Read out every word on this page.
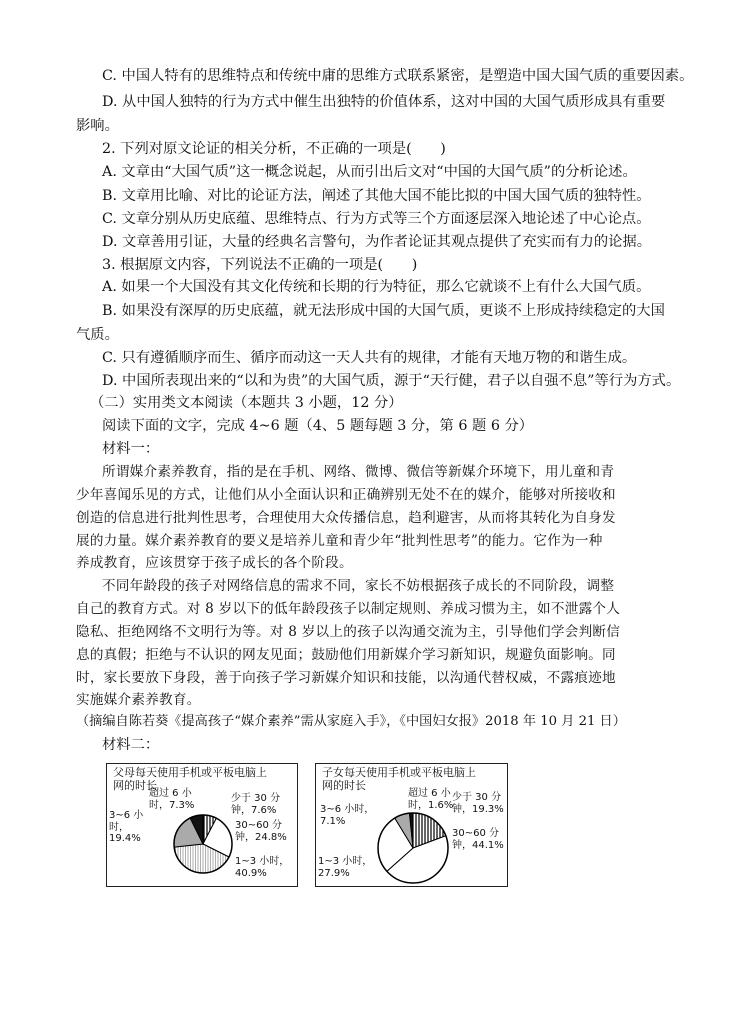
C. 中国人特有的思维特点和传统中庸的思维方式联系紧密，是塑造中国大国气质的重要因素。
D. 从中国人独特的行为方式中催生出独特的价值体系，这对中国的大国气质形成具有重要
影响。
2. 下列对原文论证的相关分析，不正确的一项是(　　)
A. 文章由“大国气质”这一概念说起，从而引出后文对“中国的大国气质”的分析论述。
B. 文章用比喻、对比的论证方法，阐述了其他大国不能比拟的中国大国气质的独特性。
C. 文章分别从历史底蕴、思维特点、行为方式等三个方面逐层深入地论述了中心论点。
D. 文章善用引证，大量的经典名言警句，为作者论证其观点提供了充实而有力的论据。
3. 根据原文内容，下列说法不正确的一项是(　　)
A. 如果一个大国没有其文化传统和长期的行为特征，那么它就谈不上有什么大国气质。
B. 如果没有深厚的历史底蕴，就无法形成中国的大国气质，更谈不上形成持续稳定的大国
气质。
C. 只有遵循顺序而生、循序而动这一天人共有的规律，才能有天地万物的和谐生成。
D. 中国所表现出来的“以和为贵”的大国气质，源于“天行健，君子以自强不息”等行为方式。
（二）实用类文本阅读（本题共 3 小题，12 分）
阅读下面的文字，完成 4~6 题（4、5 题每题 3 分，第 6 题 6 分）
材料一：
所谓媒介素养教育，指的是在手机、网络、微博、微信等新媒介环境下，用儿童和青
少年喜闻乐见的方式，让他们从小全面认识和正确辨别无处不在的媒介，能够对所接收和
创造的信息进行批判性思考，合理使用大众传播信息，趋利避害，从而将其转化为自身发
展的力量。媒介素养教育的要义是培养儿童和青少年“批判性思考”的能力。它作为一种
养成教育，应该贯穿于孩子成长的各个阶段。
不同年龄段的孩子对网络信息的需求不同，家长不妨根据孩子成长的不同阶段，调整
自己的教育方式。对 8 岁以下的低年龄段孩子以制定规则、养成习惯为主，如不泄露个人
隐私、拒绝网络不文明行为等。对 8 岁以上的孩子以沟通交流为主，引导他们学会判断信
息的真假；拒绝与不认识的网友见面；鼓励他们用新媒介学习新知识，规避负面影响。同
时，家长要放下身段，善于向孩子学习新媒介知识和技能，以沟通代替权威，不露痕迹地
实施媒介素养教育。
（摘编自陈若葵《提高孩子“媒介素养”需从家庭入手》，《中国妇女报》2018 年 10 月 21 日）
材料二：
父母每天使用手机或平板电脑上
网的时长
超过 6 小
时，7.3%
少于 30 分
钟，7.6%
3~6 小
时，
19.4%
30~60 分
钟，24.8%
1~3 小时，
40.9%
子女每天使用手机或平板电脑上
网的时长
超过 6 小
时，1.6%
3~6 小时，
7.1%
少于 30 分
钟，19.3%
30~60 分
钟，44.1%
1~3 小时，
27.9%
